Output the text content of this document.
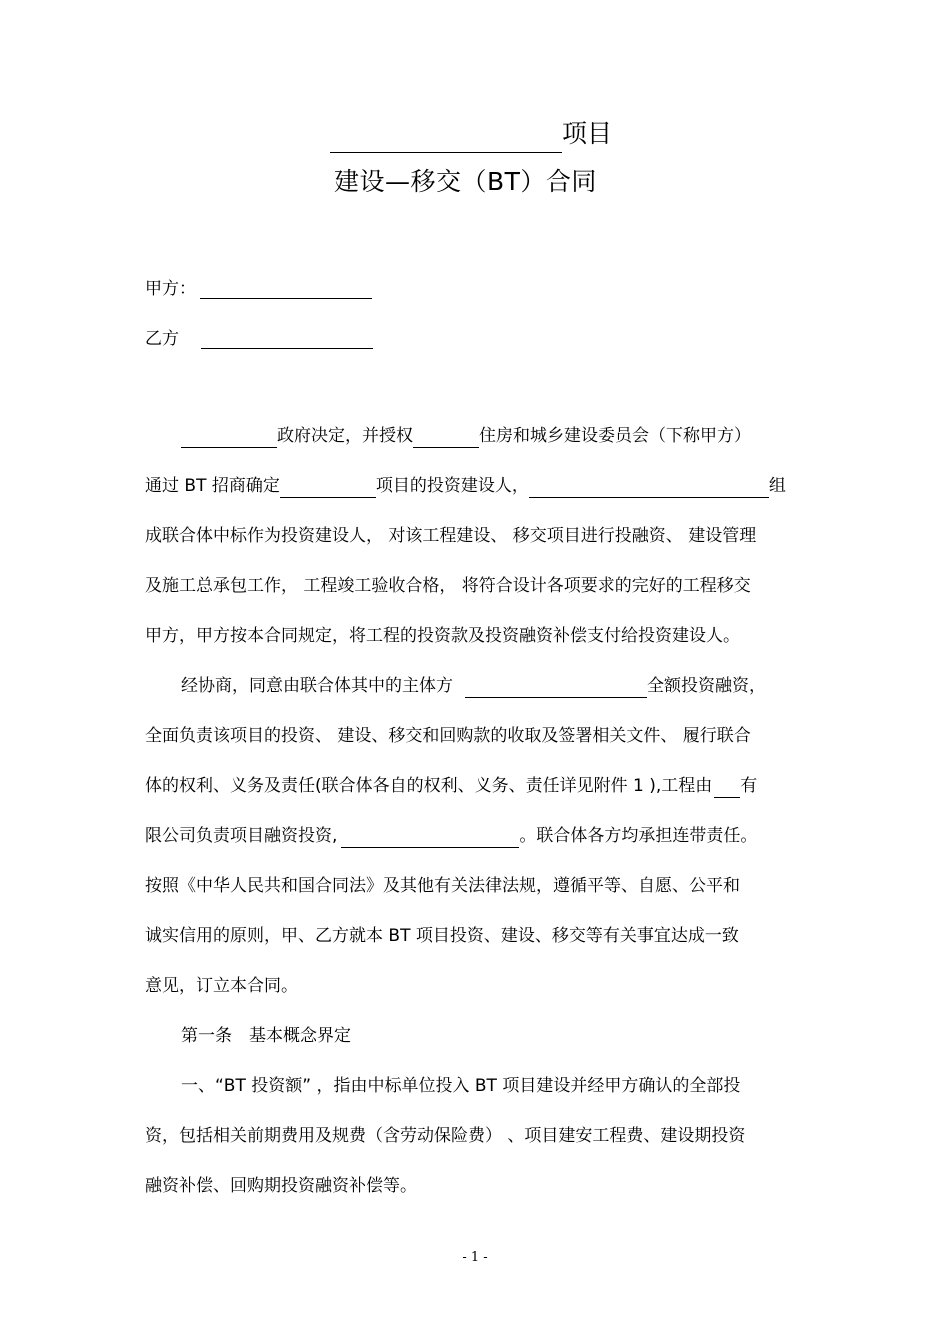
项目
建设—移交（BT）合同
甲方：
乙方
政府决定，并授权	住房和城乡建设委员会（下称甲方）
通过 BT 招商确定	项目的投资建设人，	组
成联合体中标作为投资建设人， 对该工程建设、 移交项目进行投融资、 建设管理
及施工总承包工作， 工程竣工验收合格， 将符合设计各项要求的完好的工程移交
甲方，甲方按本合同规定，将工程的投资款及投资融资补偿支付给投资建设人。
经协商，同意由联合体其中的主体方	全额投资融资，
全面负责该项目的投资、 建设、移交和回购款的收取及签署相关文件、 履行联合
体的权利、义务及责任(联合体各自的权利、义务、责任详见附件 1 ),工程由 有
限公司负责项目融资投资,	。联合体各方均承担连带责任。
按照《中华人民共和国合同法》及其他有关法律法规，遵循平等、自愿、公平和
诚实信用的原则，甲、乙方就本 BT 项目投资、建设、移交等有关事宜达成一致
意见，订立本合同。
第一条　基本概念界定
一、“BT 投资额” ，指由中标单位投入 BT 项目建设并经甲方确认的全部投
资，包括相关前期费用及规费（含劳动保险费） 、项目建安工程费、建设期投资
融资补偿、回购期投资融资补偿等。
- 1 -
